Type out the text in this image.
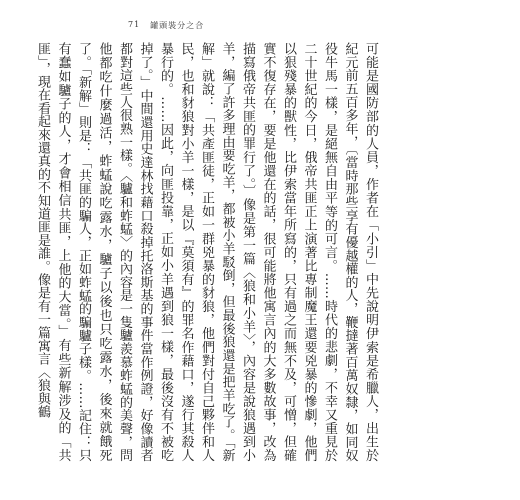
71 罐頭裝分之合

可能是國防部的人員，作者在「小引」中先說明伊索是希臘人，出生於紀元前五百多年，〔當時那些享有優越權的人，鞭撻著百萬奴隸，如同奴役牛馬一樣，是絕無自由平等的可言。……時代的悲劇，不幸又重見於二十世紀的今日，俄帝共匪正上演著比專制魔王還要兇暴的慘劇，他們以狠殘暴的獸性，比伊索當年所寫的，只有過之而無不及，可憎，但確實不復存在，要是他還在的話，很可能將他寓言內的大多數故事，改為描寫俄帝共匪的罪行了。〕像是第一篇〈狼和小羊〉，內容是說狼遇到小羊，編了許多理由要吃羊，都被小羊駁倒，但最後狼還是把羊吃了。「新解」就說：「共產匪徒，正如一群兇暴的豺狼，他們對付自己夥伴和人民，也和豺狼對小羊一樣，是以『莫須有』的罪名作藉口，遂行其殺人暴行的。……因此，向匪投靠，正如小羊遇到狼一樣，最後沒有不被吃掉了。」中間還用史達林找藉口殺掉托洛斯基的事件當作例證，好像讀者都對這些人很熟一樣。〈驢和蚱蜢〉的內容是一隻驢羨慕蚱蜢的美聲，問他都吃什麼過活，蚱蜢說吃露水，驢子以後也只吃露水，後來就餓死了。「新解」則是：「共匪的騙人，正如蚱蜢的騙驢子樣。……記住：只有蠢如驢子的人，才會相信共匪，上他的大當。」有些新解涉及的「共匪」，現在看起來還真的不知道匪是誰。像是有一篇寓言〈狼與鶴
